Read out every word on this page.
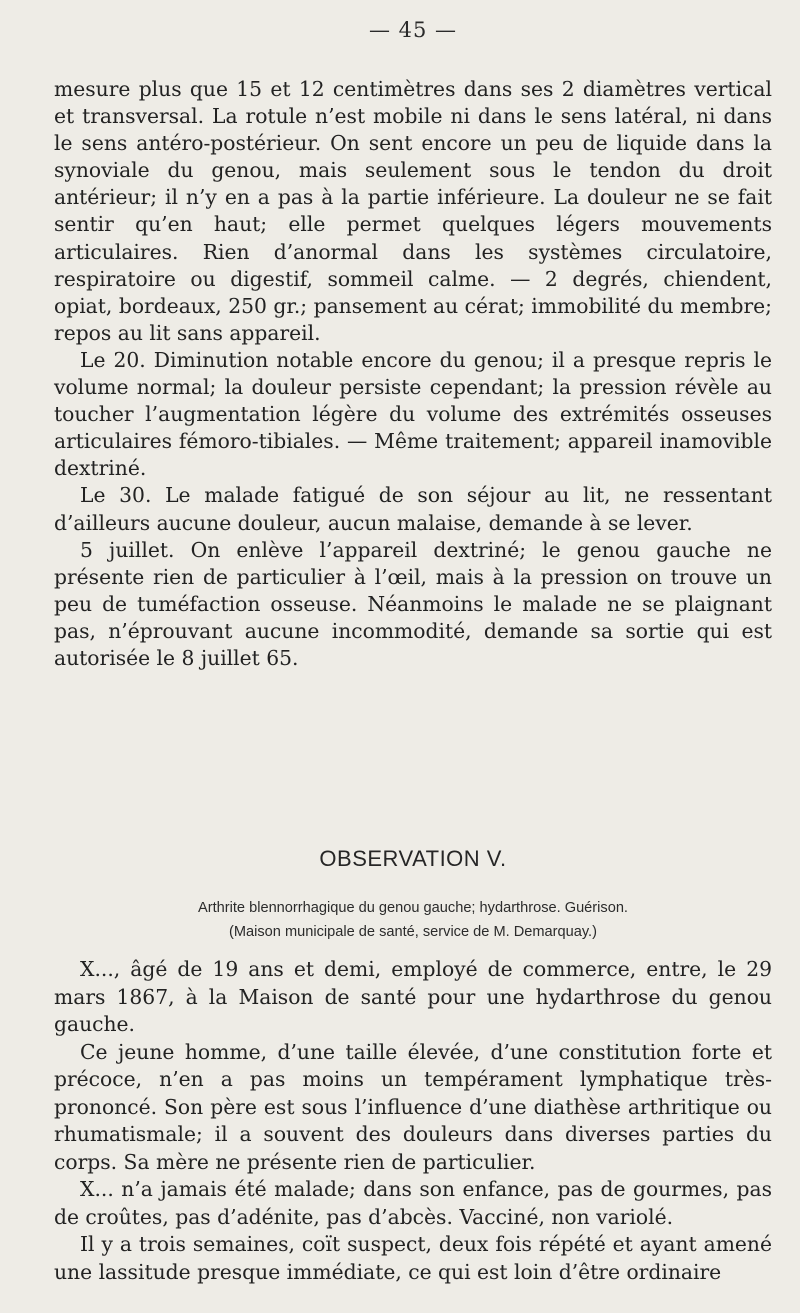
— 45 —

mesure plus que 15 et 12 centimètres dans ses 2 diamètres vertical et transversal. La rotule n’est mobile ni dans le sens latéral, ni dans le sens antéro-postérieur. On sent encore un peu de liquide dans la synoviale du genou, mais seulement sous le tendon du droit antérieur; il n’y en a pas à la partie inférieure. La douleur ne se fait sentir qu’en haut; elle permet quelques légers mouvements articulaires. Rien d’anormal dans les systèmes circulatoire, respiratoire ou digestif, sommeil calme. — 2 degrés, chiendent, opiat, bordeaux, 250 gr.; pansement au cérat; immobilité du membre; repos au lit sans appareil.

Le 20. Diminution notable encore du genou; il a presque repris le volume normal; la douleur persiste cependant; la pression révèle au toucher l’augmentation légère du volume des extrémités osseuses articulaires fémoro-tibiales. — Même traitement; appareil inamovible dextriné.

Le 30. Le malade fatigué de son séjour au lit, ne ressentant d’ailleurs aucune douleur, aucun malaise, demande à se lever.

5 juillet. On enlève l’appareil dextriné; le genou gauche ne présente rien de particulier à l’œil, mais à la pression on trouve un peu de tuméfaction osseuse. Néanmoins le malade ne se plaignant pas, n’éprouvant aucune incommodité, demande sa sortie qui est autorisée le 8 juillet 65.

OBSERVATION V.
Arthrite blennorrhagique du genou gauche; hydarthrose. Guérison.
(Maison municipale de santé, service de M. Demarquay.)

X..., âgé de 19 ans et demi, employé de commerce, entre, le 29 mars 1867, à la Maison de santé pour une hydarthrose du genou gauche.

Ce jeune homme, d’une taille élevée, d’une constitution forte et précoce, n’en a pas moins un tempérament lymphatique très-prononcé. Son père est sous l’influence d’une diathèse arthritique ou rhumatismale; il a souvent des douleurs dans diverses parties du corps. Sa mère ne présente rien de particulier.

X... n’a jamais été malade; dans son enfance, pas de gourmes, pas de croûtes, pas d’adénite, pas d’abcès. Vacciné, non variolé.

Il y a trois semaines, coït suspect, deux fois répété et ayant amené une lassitude presque immédiate, ce qui est loin d’être ordinaire
